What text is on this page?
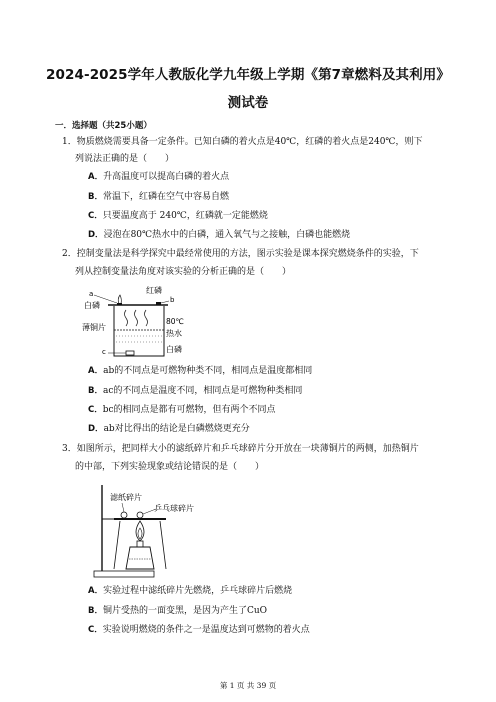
2024-2025学年人教版化学九年级上学期《第7章燃料及其利用》
测试卷
一．选择题（共25小题）
1．物质燃烧需要具备一定条件。已知白磷的着火点是40℃，红磷的着火点是240℃，则下
列说法正确的是（　　）
A．升高温度可以提高白磷的着火点
B．常温下，红磷在空气中容易自燃
C．只要温度高于 240℃，红磷就一定能燃烧
D．浸泡在80℃热水中的白磷，通入氧气与之接触，白磷也能燃烧
2．控制变量法是科学探究中最经常使用的方法，图示实验是课本探究燃烧条件的实验，下
列从控制变量法角度对该实验的分析正确的是（　　）
a
b
c
红磷
白磷
薄铜片
80℃
热水
白磷
A．ab的不同点是可燃物种类不同，相同点是温度都相同
B．ac的不同点是温度不同，相同点是可燃物种类相同
C．bc的相同点是都有可燃物，但有两个不同点
D．ab对比得出的结论是白磷燃烧更充分
3．如图所示，把同样大小的滤纸碎片和乒乓球碎片分开放在一块薄铜片的两侧，加热铜片
的中部，下列实验现象或结论错误的是（　　）
滤纸碎片
乒乓球碎片
A．实验过程中滤纸碎片先燃烧，乒乓球碎片后燃烧
B．铜片受热的一面变黑，是因为产生了CuO
C．实验说明燃烧的条件之一是温度达到可燃物的着火点
第 1 页 共 39 页
